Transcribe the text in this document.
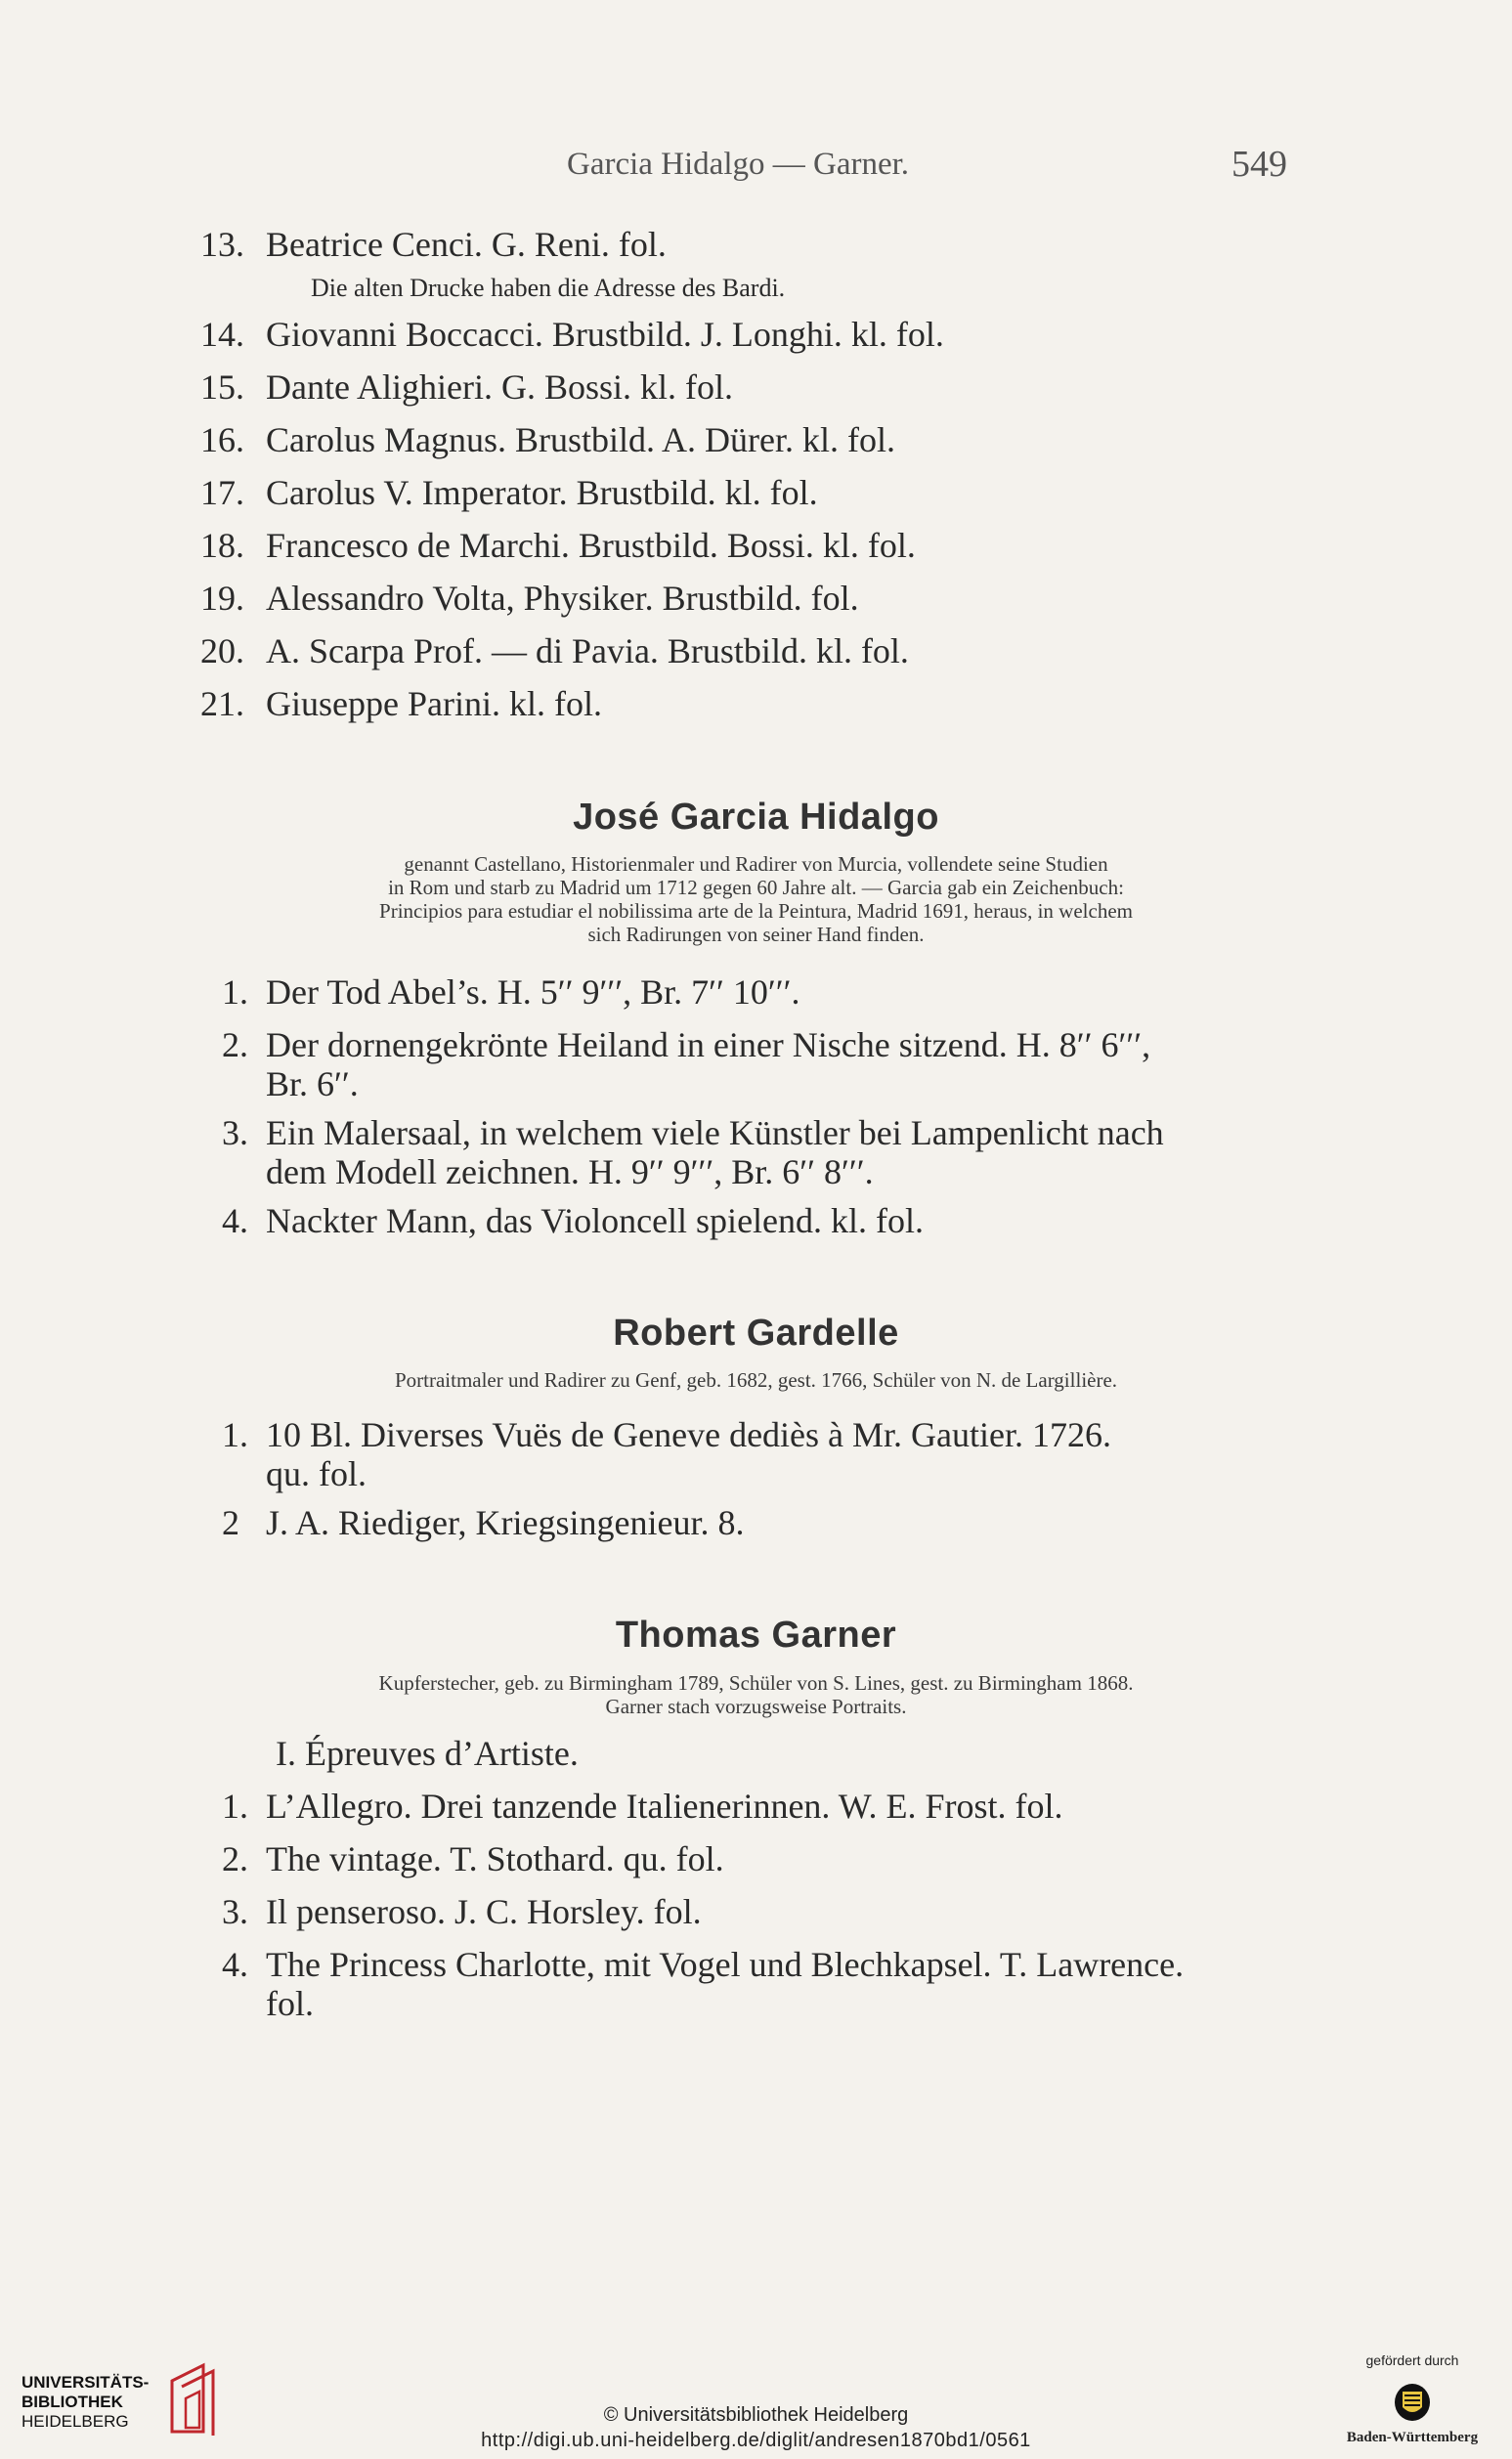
Garcia Hidalgo — Garner.	549
13. Beatrice Cenci. G. Reni. fol.
Die alten Drucke haben die Adresse des Bardi.
14. Giovanni Boccacci. Brustbild. J. Longhi. kl. fol.
15. Dante Alighieri. G. Bossi. kl. fol.
16. Carolus Magnus. Brustbild. A. Dürer. kl. fol.
17. Carolus V. Imperator. Brustbild. kl. fol.
18. Francesco de Marchi. Brustbild. Bossi. kl. fol.
19. Alessandro Volta, Physiker. Brustbild. fol.
20. A. Scarpa Prof. — di Pavia. Brustbild. kl. fol.
21. Giuseppe Parini. kl. fol.
José Garcia Hidalgo
genannt Castellano, Historienmaler und Radirer von Murcia, vollendete seine Studien
in Rom und starb zu Madrid um 1712 gegen 60 Jahre alt. — Garcia gab ein Zeichenbuch:
Principios para estudiar el nobilissima arte de la Peintura, Madrid 1691, heraus, in welchem
sich Radirungen von seiner Hand finden.
1. Der Tod Abel’s. H. 5′′ 9′′′, Br. 7′′ 10′′′.
2. Der dornengekrönte Heiland in einer Nische sitzend. H. 8′′ 6′′′,
Br. 6′′.
3. Ein Malersaal, in welchem viele Künstler bei Lampenlicht nach
dem Modell zeichnen. H. 9′′ 9′′′, Br. 6′′ 8′′′.
4. Nackter Mann, das Violoncell spielend. kl. fol.
Robert Gardelle
Portraitmaler und Radirer zu Genf, geb. 1682, gest. 1766, Schüler von N. de Largillière.
1. 10 Bl. Diverses Vuës de Geneve dediès à Mr. Gautier. 1726.
qu. fol.
2 J. A. Riediger, Kriegsingenieur. 8.
Thomas Garner
Kupferstecher, geb. zu Birmingham 1789, Schüler von S. Lines, gest. zu Birmingham 1868.
Garner stach vorzugsweise Portraits.
I. Épreuves d’Artiste.
1. L’Allegro. Drei tanzende Italienerinnen. W. E. Frost. fol.
2. The vintage. T. Stothard. qu. fol.
3. Il penseroso. J. C. Horsley. fol.
4. The Princess Charlotte, mit Vogel und Blechkapsel. T. Lawrence.
fol.
UNIVERSITÄTS-
BIBLIOTHEK
HEIDELBERG	© Universitätsbibliothek Heidelberg
http://digi.ub.uni-heidelberg.de/diglit/andresen1870bd1/0561
gefördert durch
Baden-Württemberg
